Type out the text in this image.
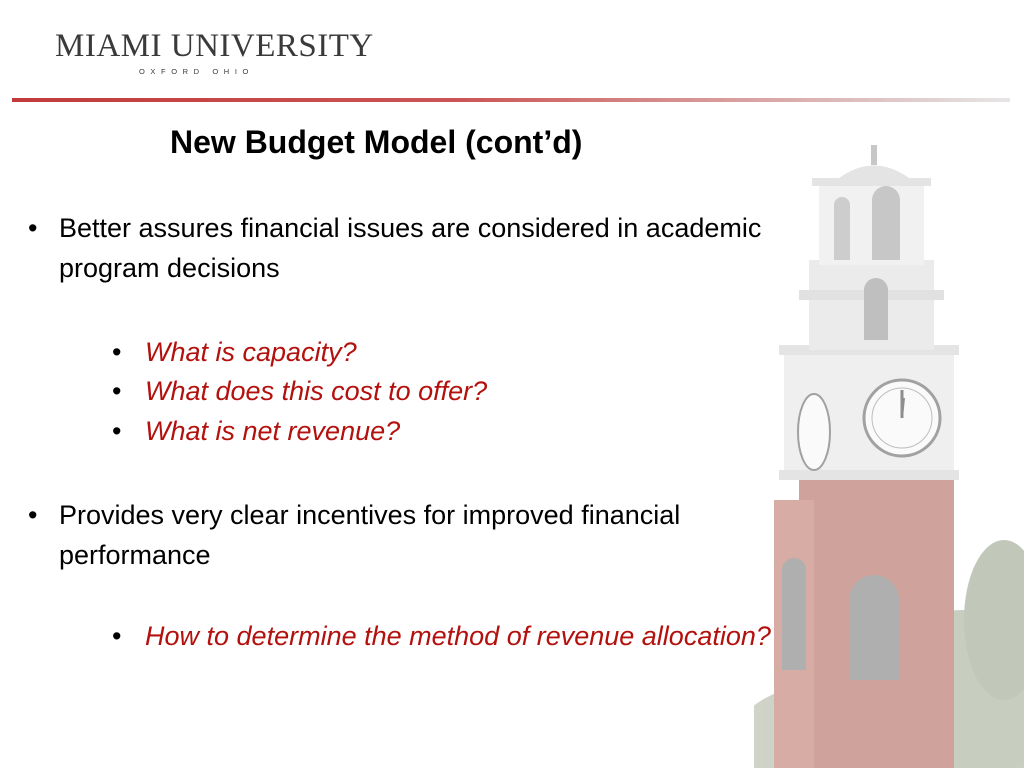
MIAMI UNIVERSITY
OXFORD OHIO
New Budget Model (cont’d)
• Better assures financial issues are considered in academic program decisions
• What is capacity?
• What does this cost to offer?
• What is net revenue?
• Provides very clear incentives for improved financial performance
• How to determine the method of revenue allocation?
